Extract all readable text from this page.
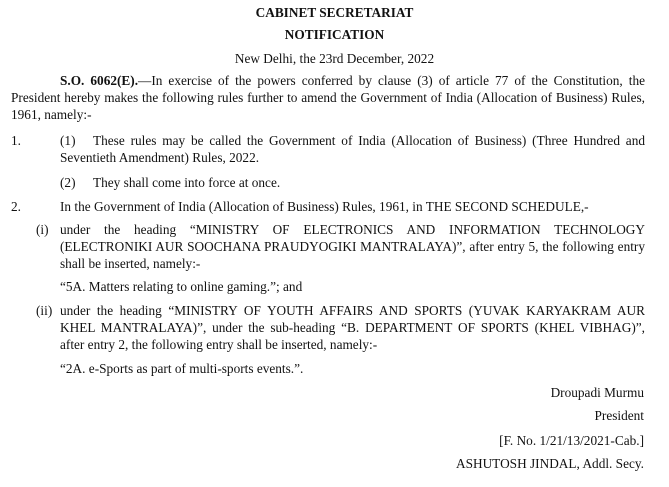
CABINET SECRETARIAT
NOTIFICATION
New Delhi, the 23rd December, 2022
S.O. 6062(E).—In exercise of the powers conferred by clause (3) of article 77 of the Constitution, the President hereby makes the following rules further to amend the Government of India (Allocation of Business) Rules, 1961, namely:-
1.	(1)	These rules may be called the Government of India (Allocation of Business) (Three Hundred and Seventieth Amendment) Rules, 2022.
(2) They shall come into force at once.
2.	In the Government of India (Allocation of Business) Rules, 1961, in THE SECOND SCHEDULE,-
(i) under the heading “MINISTRY OF ELECTRONICS AND INFORMATION TECHNOLOGY (ELECTRONIKI AUR SOOCHANA PRAUDYOGIKI MANTRALAYA)”, after entry 5, the following entry shall be inserted, namely:-
“5A. Matters relating to online gaming.”; and
(ii) under the heading “MINISTRY OF YOUTH AFFAIRS AND SPORTS (YUVAK KARYAKRAM AUR KHEL MANTRALAYA)”, under the sub-heading “B. DEPARTMENT OF SPORTS (KHEL VIBHAG)”, after entry 2, the following entry shall be inserted, namely:-
“2A. e-Sports as part of multi-sports events.”.
Droupadi Murmu
President
[F. No. 1/21/13/2021-Cab.]
ASHUTOSH JINDAL, Addl. Secy.
